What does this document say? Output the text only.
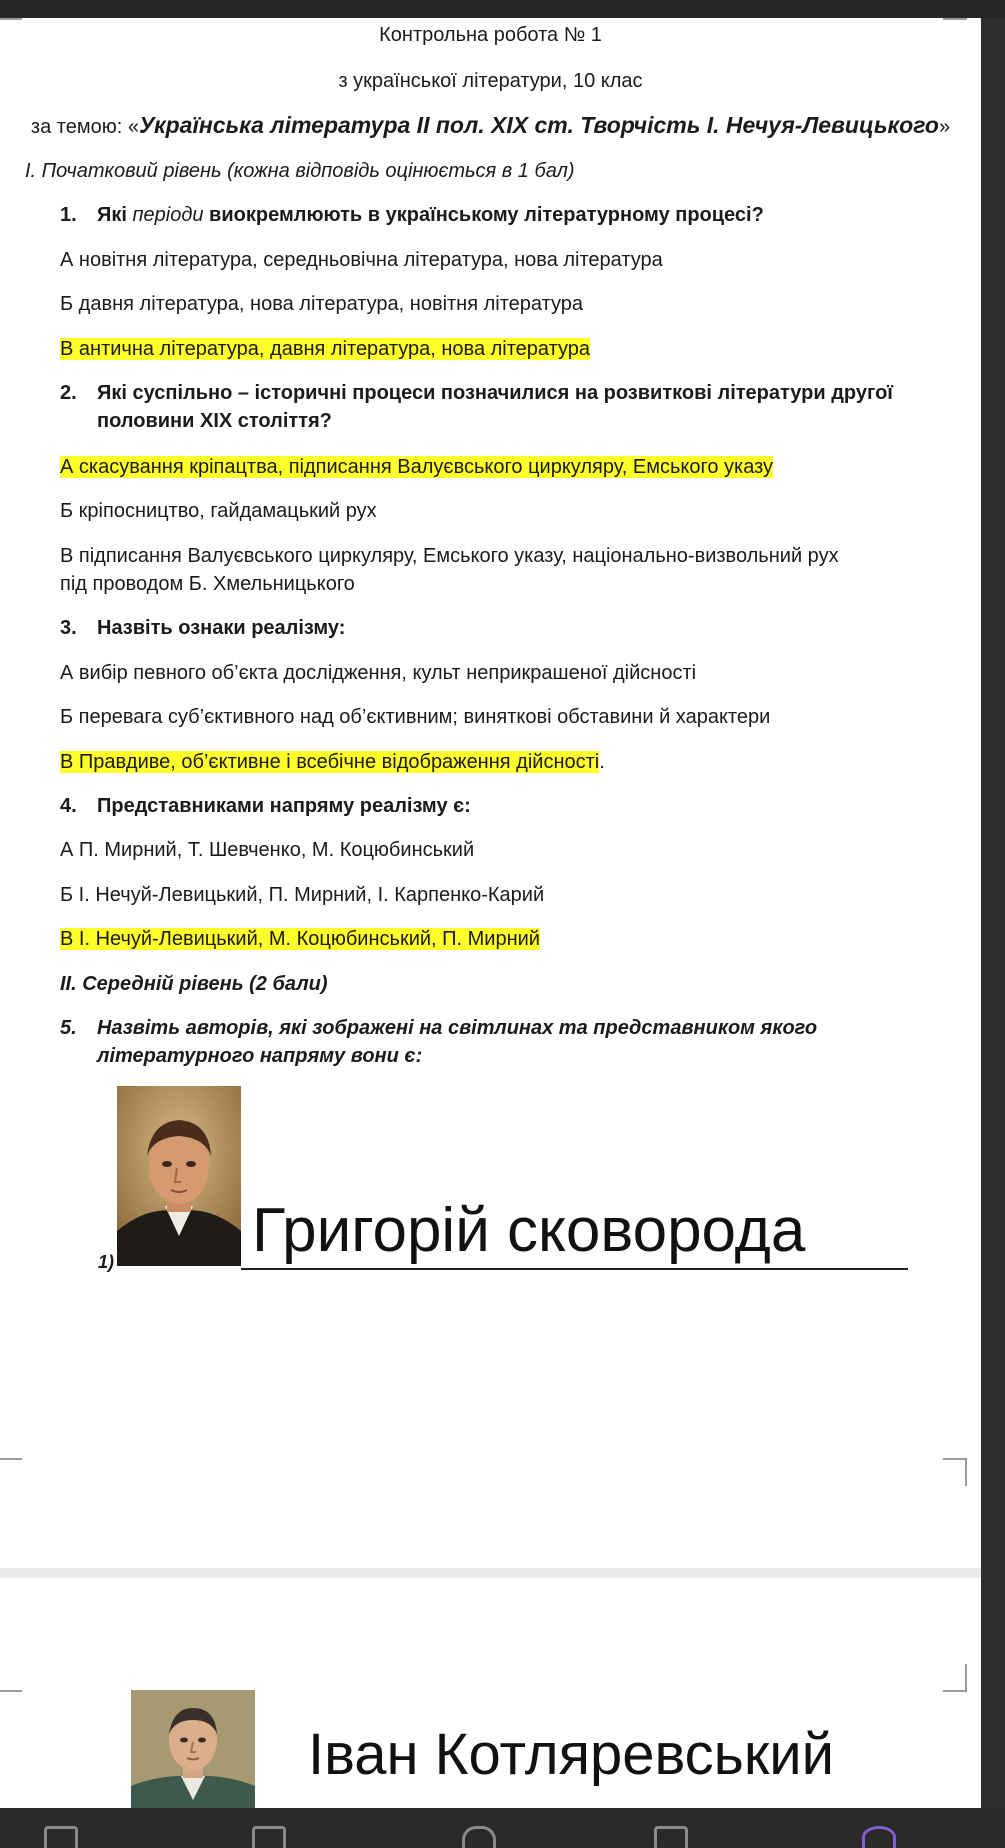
Контрольна робота № 1
з української літератури, 10 клас
за темою: «Українська література ІІ пол. ХІХ ст. Творчість І. Нечуя-Левицького»
І. Початковий рівень (кожна відповідь оцінюється в 1 бал)
1. Які періоди виокремлюють в українському літературному процесі?
А новітня література, середньовічна література, нова література
Б давня література, нова література, новітня література
В антична література, давня література, нова література
2. Які суспільно – історичні процеси позначилися на розвиткові літератури другої
половини ХІХ століття?
А скасування кріпацтва, підписання Валуєвського циркуляру, Емського указу
Б кріпосництво, гайдамацький рух
В підписання Валуєвського циркуляру, Емського указу, національно-визвольний рух
під проводом Б. Хмельницького
3. Назвіть ознаки реалізму:
А вибір певного об’єкта дослідження, культ неприкрашеної дійсності
Б перевага суб’єктивного над об’єктивним; виняткові обставини й характери
В Правдиве, об’єктивне і всебічне відображення дійсності.
4. Представниками напряму реалізму є:
А П. Мирний, Т. Шевченко, М. Коцюбинський
Б І. Нечуй-Левицький, П. Мирний, І. Карпенко-Карий
В І. Нечуй-Левицький, М. Коцюбинський, П. Мирний
ІІ. Середній рівень (2 бали)
5. Назвіть авторів, які зображені на світлинах та представником якого
літературного напряму вони є:
1) Григорій сковорода
Іван Котляревський
